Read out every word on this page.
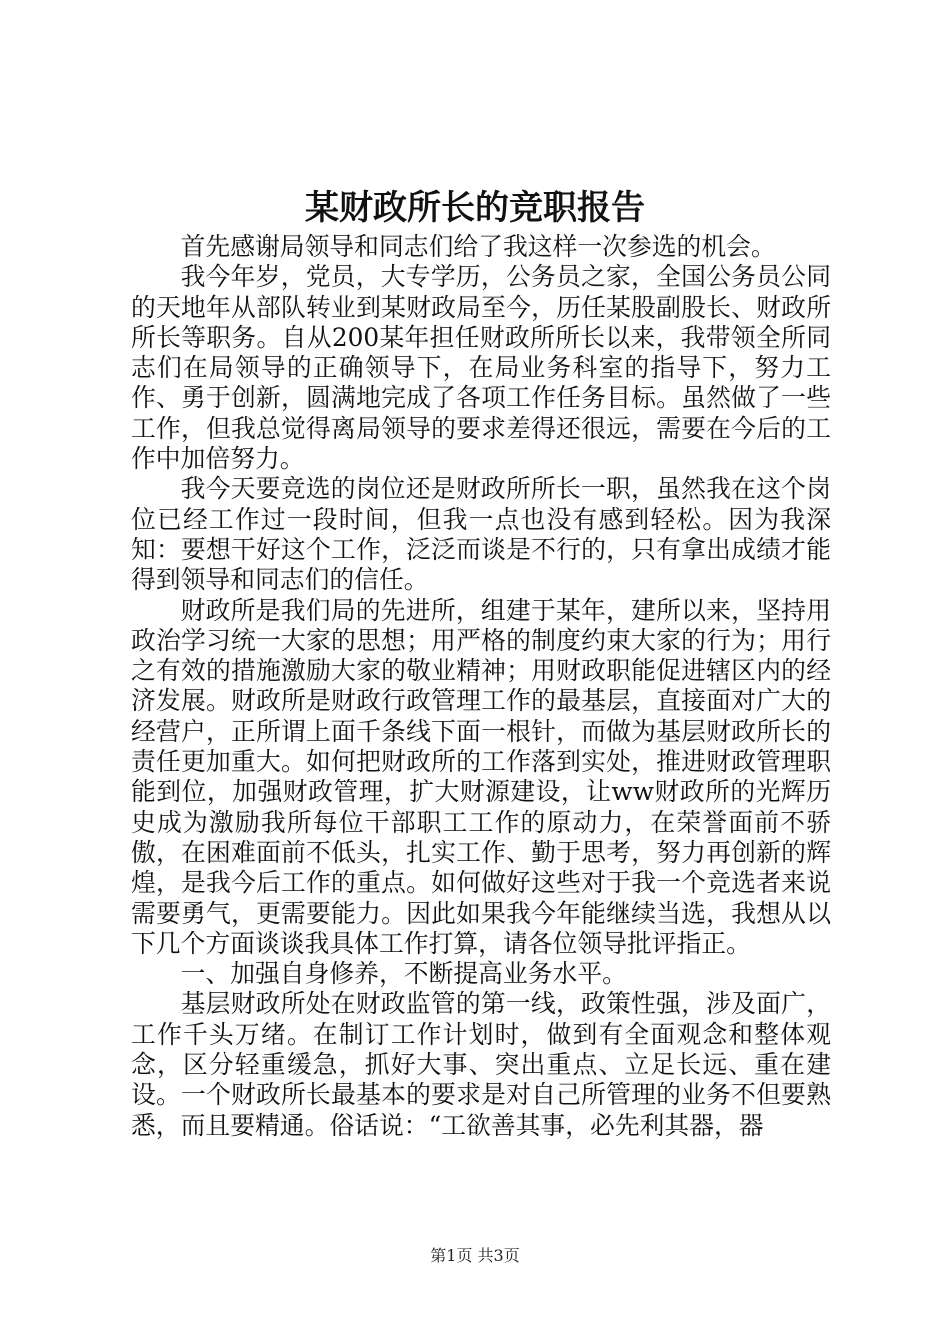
某财政所长的竞职报告

首先感谢局领导和同志们给了我这样一次参选的机会。

我今年岁，党员，大专学历，公务员之家，全国公务员公同的天地年从部队转业到某财政局至今，历任某股副股长、财政所所长等职务。自从200某年担任财政所所长以来，我带领全所同志们在局领导的正确领导下，在局业务科室的指导下，努力工作、勇于创新，圆满地完成了各项工作任务目标。虽然做了一些工作，但我总觉得离局领导的要求差得还很远，需要在今后的工作中加倍努力。

我今天要竞选的岗位还是财政所所长一职，虽然我在这个岗位已经工作过一段时间，但我一点也没有感到轻松。因为我深知：要想干好这个工作，泛泛而谈是不行的，只有拿出成绩才能得到领导和同志们的信任。

财政所是我们局的先进所，组建于某年，建所以来，坚持用政治学习统一大家的思想；用严格的制度约束大家的行为；用行之有效的措施激励大家的敬业精神；用财政职能促进辖区内的经济发展。财政所是财政行政管理工作的最基层，直接面对广大的经营户，正所谓上面千条线下面一根针，而做为基层财政所长的责任更加重大。如何把财政所的工作落到实处，推进财政管理职能到位，加强财政管理，扩大财源建设，让ww财政所的光辉历史成为激励我所每位干部职工工作的原动力，在荣誉面前不骄傲，在困难面前不低头，扎实工作、勤于思考，努力再创新的辉煌，是我今后工作的重点。如何做好这些对于我一个竞选者来说需要勇气，更需要能力。因此如果我今年能继续当选，我想从以下几个方面谈谈我具体工作打算，请各位领导批评指正。

一、加强自身修养，不断提高业务水平。

基层财政所处在财政监管的第一线，政策性强，涉及面广，工作千头万绪。在制订工作计划时，做到有全面观念和整体观念，区分轻重缓急，抓好大事、突出重点、立足长远、重在建设。一个财政所长最基本的要求是对自己所管理的业务不但要熟悉，而且要精通。俗话说：“工欲善其事，必先利其器，器

第1页 共3页
